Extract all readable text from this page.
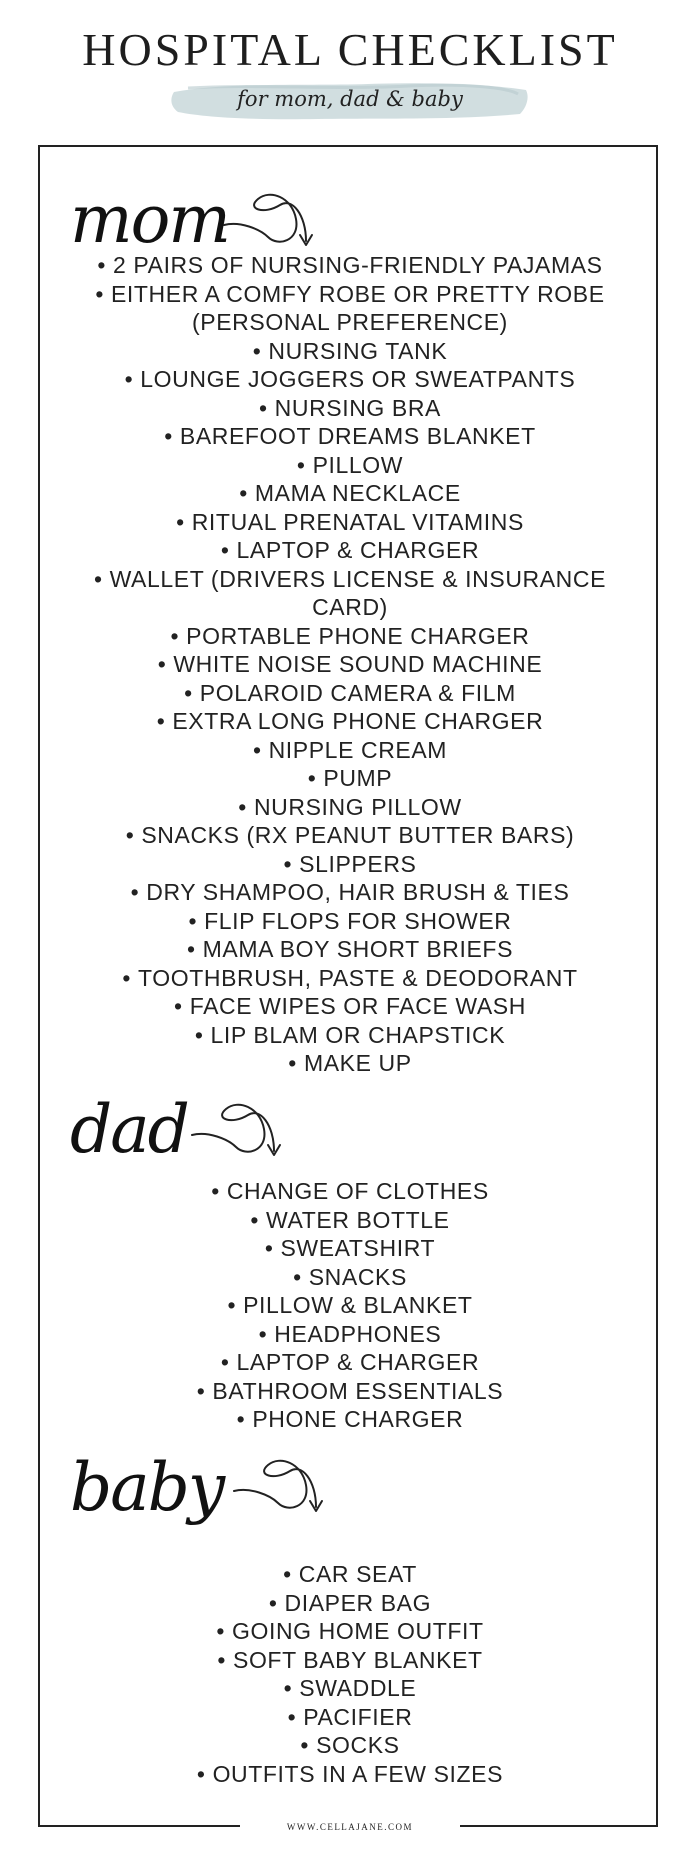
HOSPITAL CHECKLIST
for mom, dad & baby
mom
• 2 PAIRS OF NURSING-FRIENDLY PAJAMAS
• EITHER A COMFY ROBE OR PRETTY ROBE (PERSONAL PREFERENCE)
• NURSING TANK
• LOUNGE JOGGERS OR SWEATPANTS
• NURSING BRA
• BAREFOOT DREAMS BLANKET
• PILLOW
• MAMA NECKLACE
• RITUAL PRENATAL VITAMINS
• LAPTOP & CHARGER
• WALLET (DRIVERS LICENSE & INSURANCE CARD)
• PORTABLE PHONE CHARGER
• WHITE NOISE SOUND MACHINE
• POLAROID CAMERA & FILM
• EXTRA LONG PHONE CHARGER
• NIPPLE CREAM
• PUMP
• NURSING PILLOW
• SNACKS (RX PEANUT BUTTER BARS)
• SLIPPERS
• DRY SHAMPOO, HAIR BRUSH & TIES
• FLIP FLOPS FOR SHOWER
• MAMA BOY SHORT BRIEFS
• TOOTHBRUSH, PASTE & DEODORANT
• FACE WIPES OR FACE WASH
• LIP BLAM OR CHAPSTICK
• MAKE UP
dad
• CHANGE OF CLOTHES
• WATER BOTTLE
• SWEATSHIRT
• SNACKS
• PILLOW & BLANKET
• HEADPHONES
• LAPTOP & CHARGER
• BATHROOM ESSENTIALS
• PHONE CHARGER
baby
• CAR SEAT
• DIAPER BAG
• GOING HOME OUTFIT
• SOFT BABY BLANKET
• SWADDLE
• PACIFIER
• SOCKS
• OUTFITS IN A FEW SIZES
WWW.CELLAJANE.COM
